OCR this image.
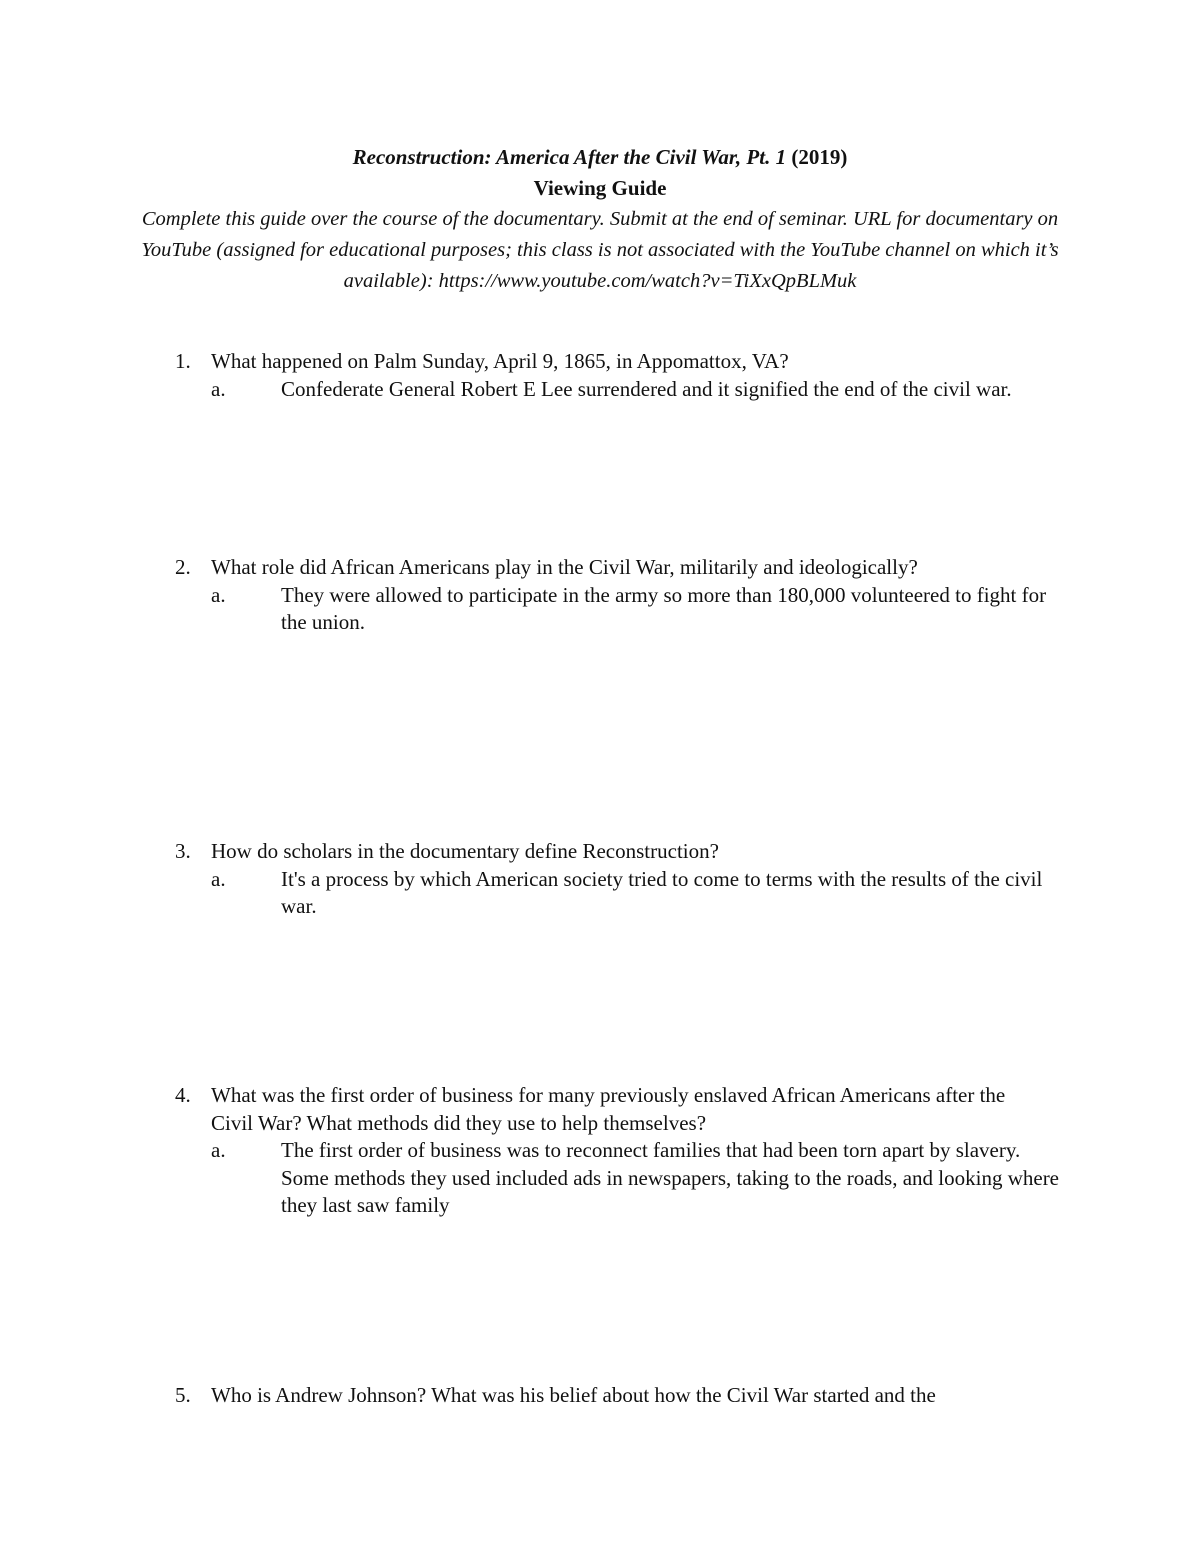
Reconstruction: America After the Civil War, Pt. 1 (2019)
Viewing Guide
Complete this guide over the course of the documentary. Submit at the end of seminar. URL for documentary on YouTube (assigned for educational purposes; this class is not associated with the YouTube channel on which it’s available): https://www.youtube.com/watch?v=TiXxQpBLMuk
1. What happened on Palm Sunday, April 9, 1865, in Appomattox, VA?
a.	Confederate General Robert E Lee surrendered and it signified the end of the civil war.
2. What role did African Americans play in the Civil War, militarily and ideologically?
a.	They were allowed to participate in the army so more than 180,000 volunteered to fight for the union.
3. How do scholars in the documentary define Reconstruction?
a.	It's a process by which American society tried to come to terms with the results of the civil war.
4. What was the first order of business for many previously enslaved African Americans after the Civil War? What methods did they use to help themselves?
a.	The first order of business was to reconnect families that had been torn apart by slavery. Some methods they used included ads in newspapers, taking to the roads, and looking where they last saw family
5. Who is Andrew Johnson? What was his belief about how the Civil War started and the
